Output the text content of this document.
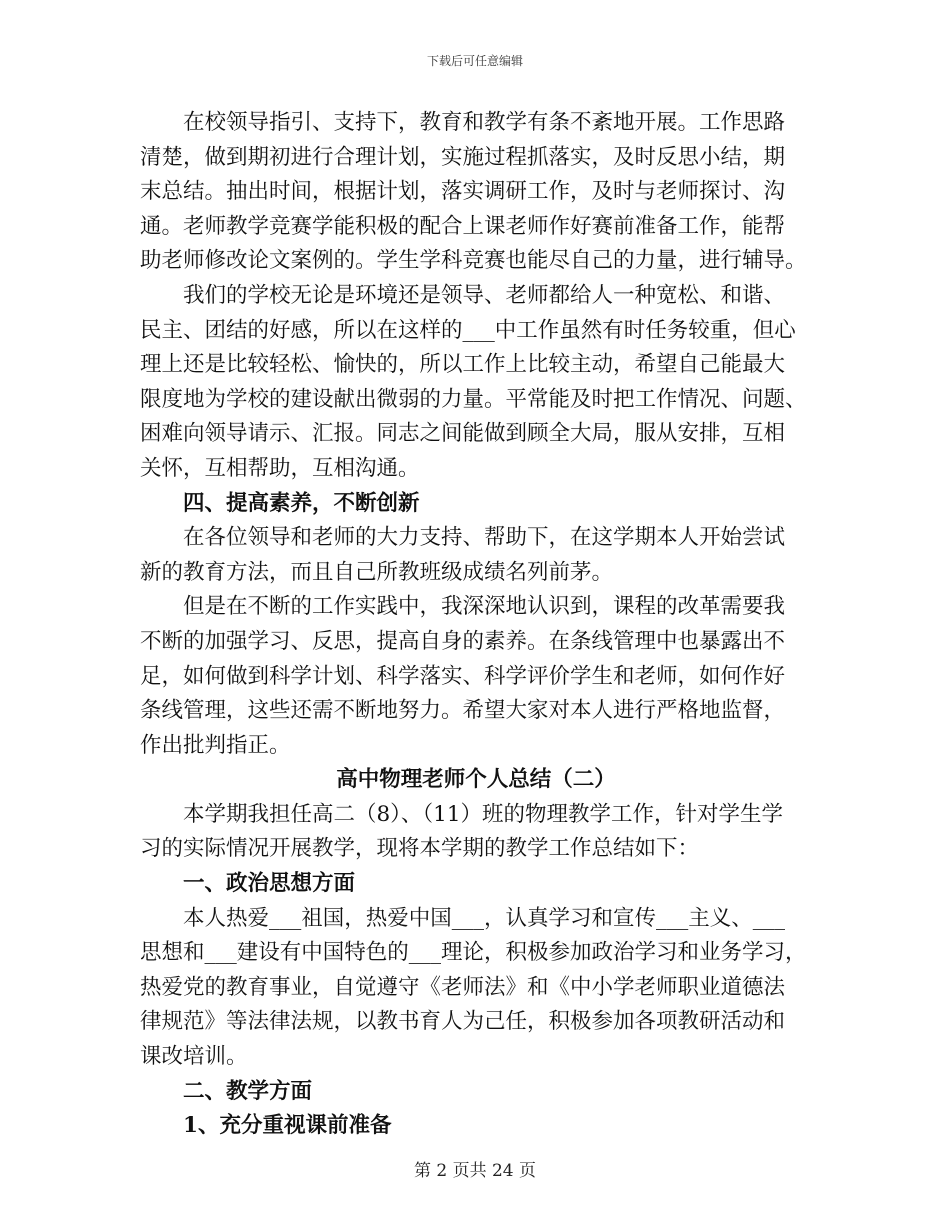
下载后可任意编辑

在校领导指引、支持下，教育和教学有条不紊地开展。工作思路

清楚，做到期初进行合理计划，实施过程抓落实，及时反思小结，期

末总结。抽出时间，根据计划，落实调研工作，及时与老师探讨、沟

通。老师教学竞赛学能积极的配合上课老师作好赛前准备工作，能帮

助老师修改论文案例的。学生学科竞赛也能尽自己的力量，进行辅导。

我们的学校无论是环境还是领导、老师都给人一种宽松、和谐、

民主、团结的好感，所以在这样的___中工作虽然有时任务较重，但心

理上还是比较轻松、愉快的，所以工作上比较主动，希望自己能最大

限度地为学校的建设献出微弱的力量。平常能及时把工作情况、问题、

困难向领导请示、汇报。同志之间能做到顾全大局，服从安排，互相

关怀，互相帮助，互相沟通。

四、提高素养，不断创新

在各位领导和老师的大力支持、帮助下，在这学期本人开始尝试

新的教育方法，而且自己所教班级成绩名列前茅。

但是在不断的工作实践中，我深深地认识到，课程的改革需要我

不断的加强学习、反思，提高自身的素养。在条线管理中也暴露出不

足，如何做到科学计划、科学落实、科学评价学生和老师，如何作好

条线管理，这些还需不断地努力。希望大家对本人进行严格地监督，

作出批判指正。

高中物理老师个人总结（二）

本学期我担任高二（8）、（11）班的物理教学工作，针对学生学

习的实际情况开展教学，现将本学期的教学工作总结如下：

一、政治思想方面

本人热爱___祖国，热爱中国___，认真学习和宣传___主义、___

思想和___建设有中国特色的___理论，积极参加政治学习和业务学习，

热爱党的教育事业，自觉遵守《老师法》和《中小学老师职业道德法

律规范》等法律法规，以教书育人为己任，积极参加各项教研活动和

课改培训。

二、教学方面

1、充分重视课前准备

第 2 页共 24 页
